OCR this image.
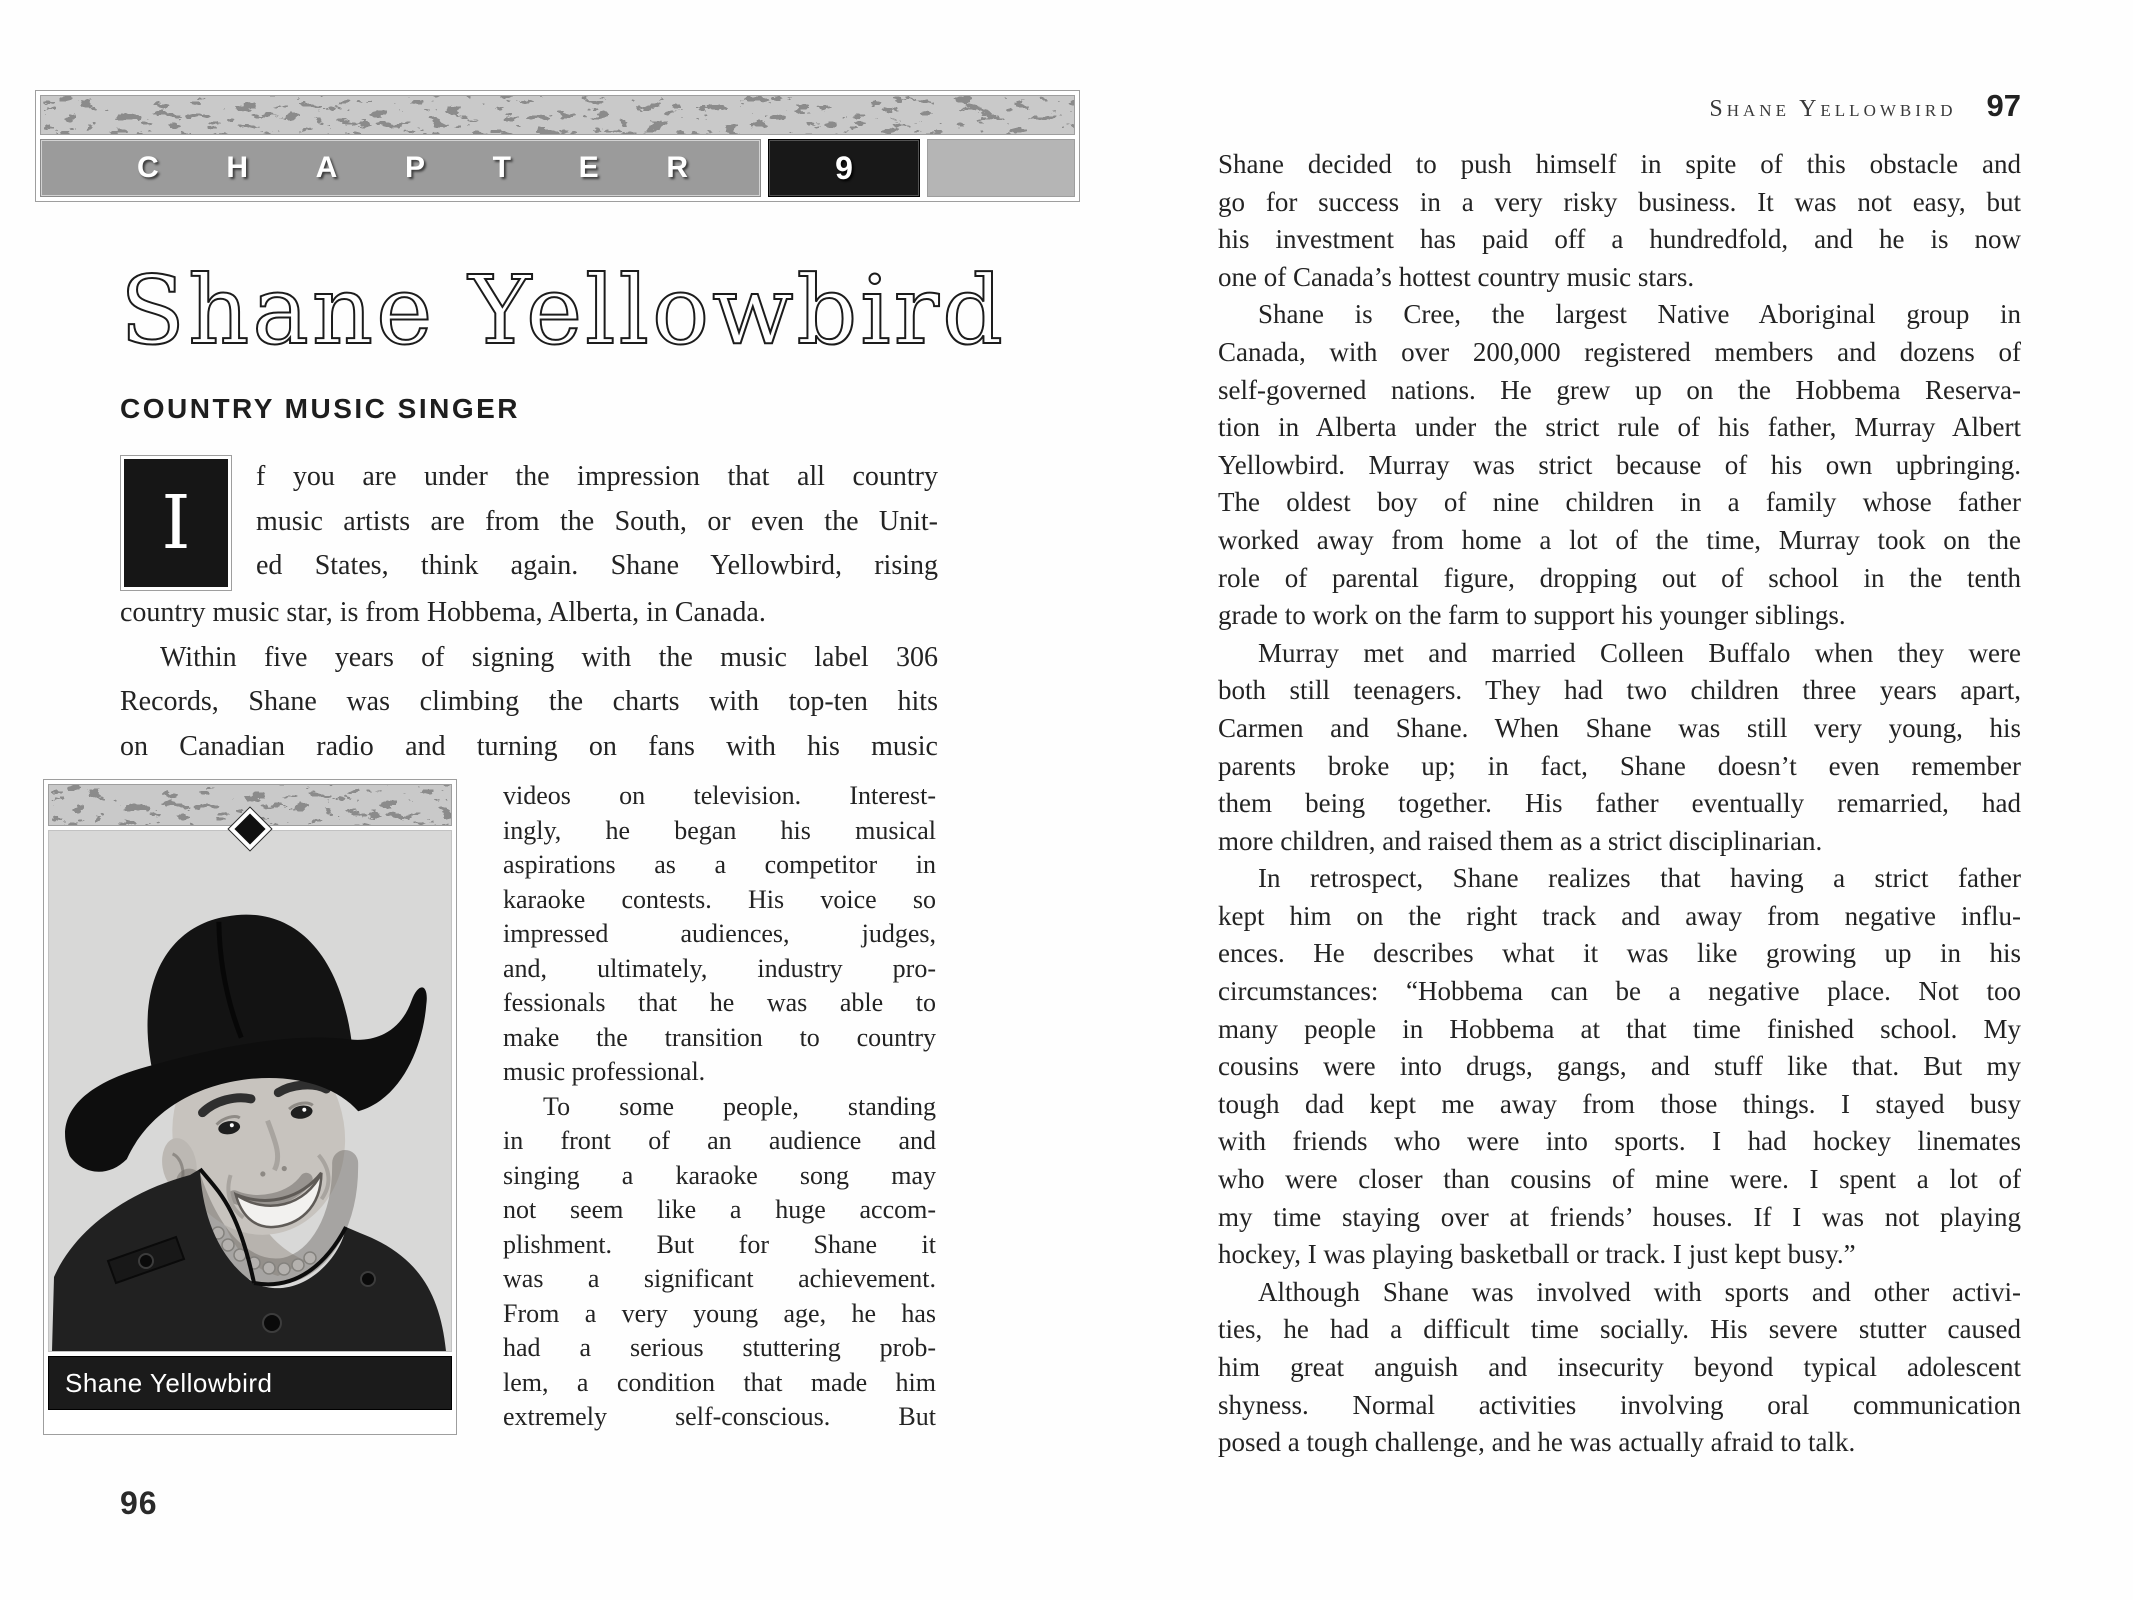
C H A P T E R	9
Shane Yellowbird
COUNTRY MUSIC SINGER
I
f you are under the impression that all country
music artists are from the South, or even the Unit-
ed States, think again. Shane Yellowbird, rising
country music star, is from Hobbema, Alberta, in Canada.
Within five years of signing with the music label 306
Records, Shane was climbing the charts with top-ten hits
on Canadian radio and turning on fans with his music
Shane Yellowbird
videos on television. Interest-
ingly, he began his musical
aspirations as a competitor in
karaoke contests. His voice so
impressed audiences, judges,
and, ultimately, industry pro-
fessionals that he was able to
make the transition to country
music professional.
To some people, standing
in front of an audience and
singing a karaoke song may
not seem like a huge accom-
plishment. But for Shane it
was a significant achievement.
From a very young age, he has
had a serious stuttering prob-
lem, a condition that made him
extremely self-conscious. But
96
Shane Yellowbird 97
Shane decided to push himself in spite of this obstacle and
go for success in a very risky business. It was not easy, but
his investment has paid off a hundredfold, and he is now
one of Canada’s hottest country music stars.
Shane is Cree, the largest Native Aboriginal group in
Canada, with over 200,000 registered members and dozens of
self-governed nations. He grew up on the Hobbema Reserva-
tion in Alberta under the strict rule of his father, Murray Albert
Yellowbird. Murray was strict because of his own upbringing.
The oldest boy of nine children in a family whose father
worked away from home a lot of the time, Murray took on the
role of parental figure, dropping out of school in the tenth
grade to work on the farm to support his younger siblings.
Murray met and married Colleen Buffalo when they were
both still teenagers. They had two children three years apart,
Carmen and Shane. When Shane was still very young, his
parents broke up; in fact, Shane doesn’t even remember
them being together. His father eventually remarried, had
more children, and raised them as a strict disciplinarian.
In retrospect, Shane realizes that having a strict father
kept him on the right track and away from negative influ-
ences. He describes what it was like growing up in his
circumstances: “Hobbema can be a negative place. Not too
many people in Hobbema at that time finished school. My
cousins were into drugs, gangs, and stuff like that. But my
tough dad kept me away from those things. I stayed busy
with friends who were into sports. I had hockey linemates
who were closer than cousins of mine were. I spent a lot of
my time staying over at friends’ houses. If I was not playing
hockey, I was playing basketball or track. I just kept busy.”
Although Shane was involved with sports and other activi-
ties, he had a difficult time socially. His severe stutter caused
him great anguish and insecurity beyond typical adolescent
shyness. Normal activities involving oral communication
posed a tough challenge, and he was actually afraid to talk.
